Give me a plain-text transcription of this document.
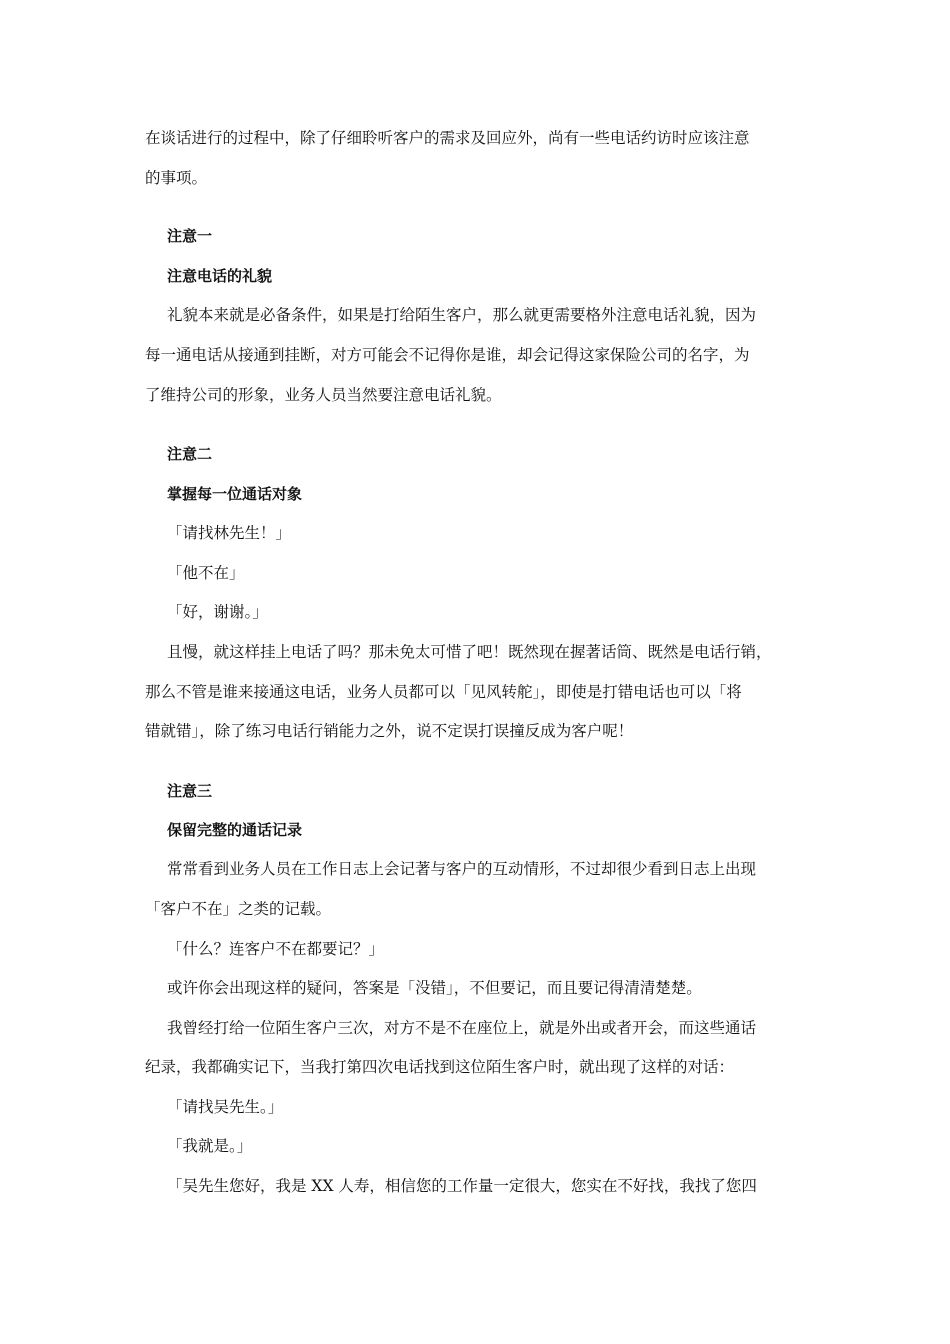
在谈话进行的过程中，除了仔细聆听客户的需求及回应外，尚有一些电话约访时应该注意
的事项。
注意一
注意电话的礼貌
礼貌本来就是必备条件，如果是打给陌生客户，那么就更需要格外注意电话礼貌，因为
每一通电话从接通到挂断，对方可能会不记得你是谁，却会记得这家保险公司的名字，为
了维持公司的形象，业务人员当然要注意电话礼貌。
注意二
掌握每一位通话对象
「请找林先生！」
「他不在」
「好，谢谢。」
且慢，就这样挂上电话了吗？那未免太可惜了吧！既然现在握著话筒、既然是电话行销，
那么不管是谁来接通这电话，业务人员都可以「见风转舵」，即使是打错电话也可以「将
错就错」，除了练习电话行销能力之外，说不定误打误撞反成为客户呢！
注意三
保留完整的通话记录
常常看到业务人员在工作日志上会记著与客户的互动情形，不过却很少看到日志上出现
「客户不在」之类的记载。
「什么？连客户不在都要记？」
或许你会出现这样的疑问，答案是「没错」，不但要记，而且要记得清清楚楚。
我曾经打给一位陌生客户三次，对方不是不在座位上，就是外出或者开会，而这些通话
纪录，我都确实记下，当我打第四次电话找到这位陌生客户时，就出现了这样的对话：
「请找吴先生。」
「我就是。」
「吴先生您好，我是 XX 人寿，相信您的工作量一定很大，您实在不好找，我找了您四
